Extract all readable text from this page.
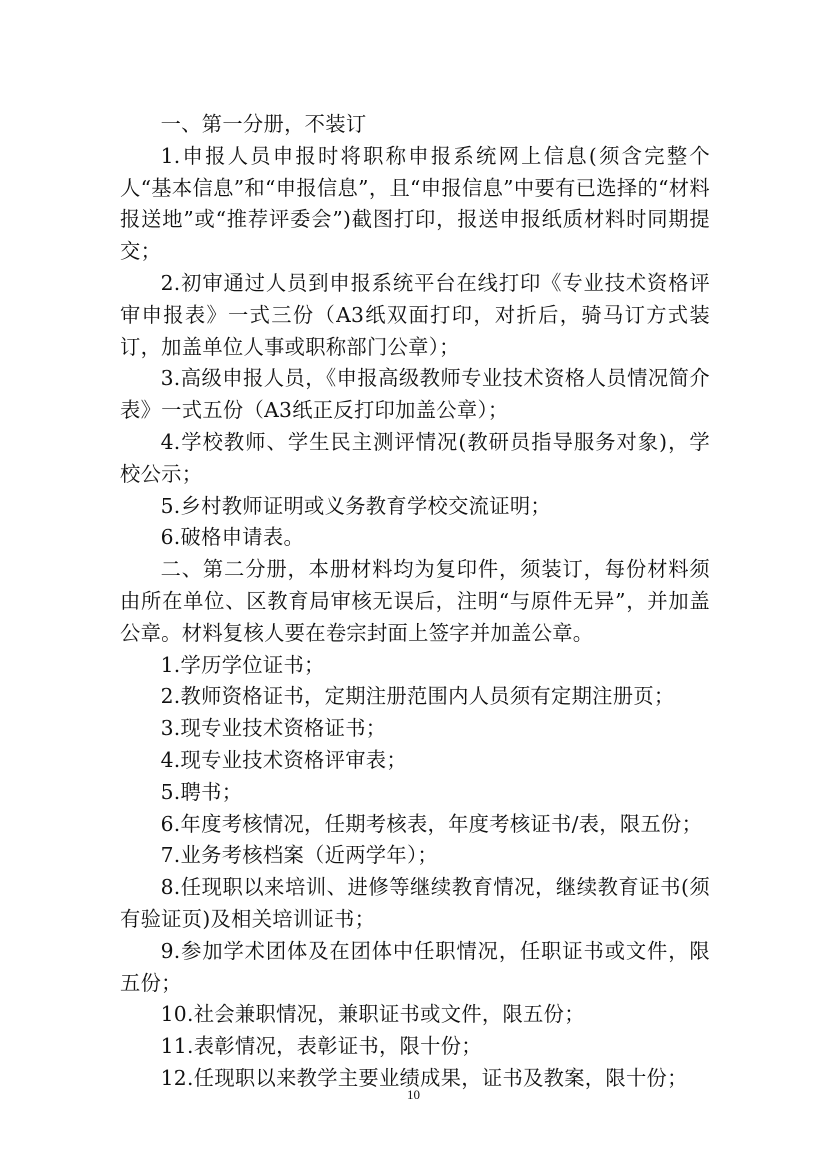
一、第一分册，不装订

1.申报人员申报时将职称申报系统网上信息(须含完整个人“基本信息”和“申报信息”，且“申报信息”中要有已选择的“材料报送地”或“推荐评委会”)截图打印，报送申报纸质材料时同期提交；

2.初审通过人员到申报系统平台在线打印《专业技术资格评审申报表》一式三份（A3纸双面打印，对折后，骑马订方式装订，加盖单位人事或职称部门公章）；

3.高级申报人员，《申报高级教师专业技术资格人员情况简介表》一式五份（A3纸正反打印加盖公章）；

4.学校教师、学生民主测评情况(教研员指导服务对象)，学校公示；

5.乡村教师证明或义务教育学校交流证明；

6.破格申请表。

二、第二分册，本册材料均为复印件，须装订，每份材料须由所在单位、区教育局审核无误后，注明“与原件无异”，并加盖公章。材料复核人要在卷宗封面上签字并加盖公章。

1.学历学位证书；

2.教师资格证书，定期注册范围内人员须有定期注册页；

3.现专业技术资格证书；

4.现专业技术资格评审表；

5.聘书；

6.年度考核情况，任期考核表，年度考核证书/表，限五份；

7.业务考核档案（近两学年）；

8.任现职以来培训、进修等继续教育情况，继续教育证书(须有验证页)及相关培训证书；

9.参加学术团体及在团体中任职情况，任职证书或文件，限五份；

10.社会兼职情况，兼职证书或文件，限五份；

11.表彰情况，表彰证书，限十份；

12.任现职以来教学主要业绩成果，证书及教案，限十份；

10
